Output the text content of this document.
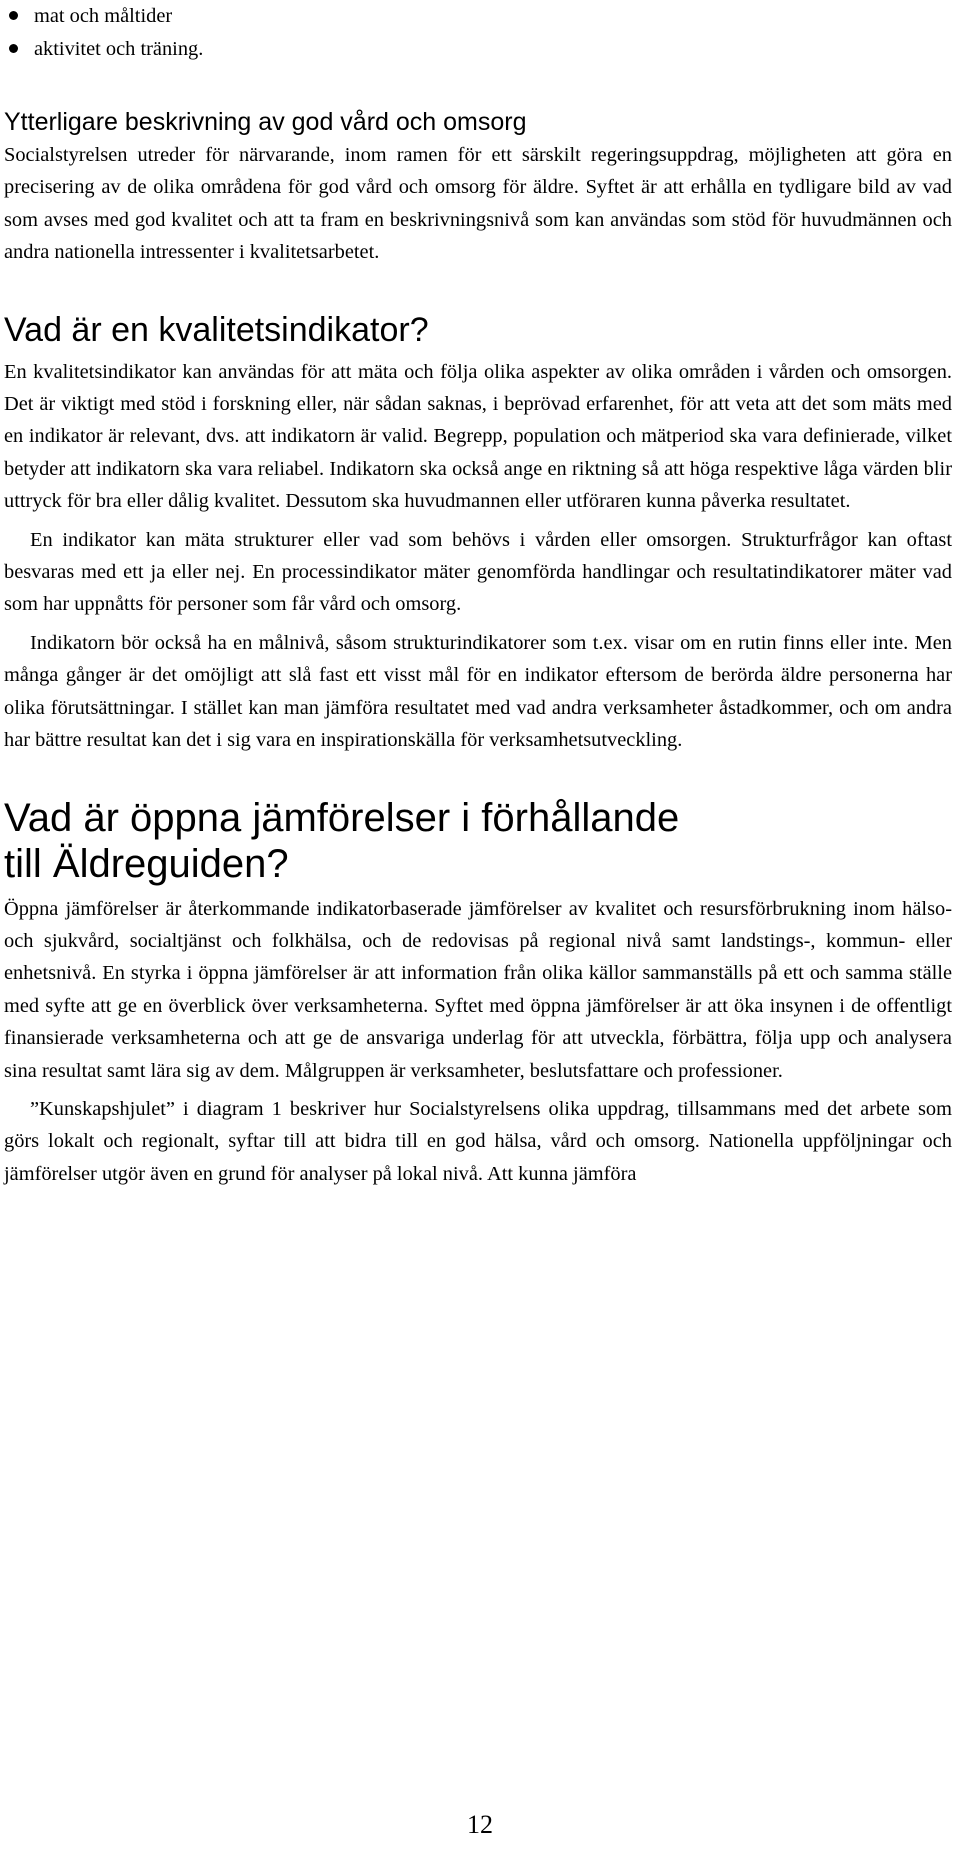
mat och måltider
aktivitet och träning.
Ytterligare beskrivning av god vård och omsorg

Socialstyrelsen utreder för närvarande, inom ramen för ett särskilt regeringsuppdrag, möjligheten att göra en precisering av de olika områdena för god vård och omsorg för äldre. Syftet är att erhålla en tydligare bild av vad som avses med god kvalitet och att ta fram en beskrivningsnivå som kan användas som stöd för huvudmännen och andra nationella intressenter i kvalitetsarbetet.

Vad är en kvalitetsindikator?

En kvalitetsindikator kan användas för att mäta och följa olika aspekter av olika områden i vården och omsorgen. Det är viktigt med stöd i forskning eller, när sådan saknas, i beprövad erfarenhet, för att veta att det som mäts med en indikator är relevant, dvs. att indikatorn är valid. Begrepp, population och mätperiod ska vara definierade, vilket betyder att indikatorn ska vara reliabel. Indikatorn ska också ange en riktning så att höga respektive låga värden blir uttryck för bra eller dålig kvalitet. Dessutom ska huvudmannen eller utföraren kunna påverka resultatet.

En indikator kan mäta strukturer eller vad som behövs i vården eller omsorgen. Strukturfrågor kan oftast besvaras med ett ja eller nej. En processindikator mäter genomförda handlingar och resultatindikatorer mäter vad som har uppnåtts för personer som får vård och omsorg.

Indikatorn bör också ha en målnivå, såsom strukturindikatorer som t.ex. visar om en rutin finns eller inte. Men många gånger är det omöjligt att slå fast ett visst mål för en indikator eftersom de berörda äldre personerna har olika förutsättningar. I stället kan man jämföra resultatet med vad andra verksamheter åstadkommer, och om andra har bättre resultat kan det i sig vara en inspirationskälla för verksamhetsutveckling.

Vad är öppna jämförelser i förhållande till Äldreguiden?

Öppna jämförelser är återkommande indikatorbaserade jämförelser av kvalitet och resursförbrukning inom hälso- och sjukvård, socialtjänst och folkhälsa, och de redovisas på regional nivå samt landstings-, kommun- eller enhetsnivå. En styrka i öppna jämförelser är att information från olika källor sammanställs på ett och samma ställe med syfte att ge en överblick över verksamheterna. Syftet med öppna jämförelser är att öka insynen i de offentligt finansierade verksamheterna och att ge de ansvariga underlag för att utveckla, förbättra, följa upp och analysera sina resultat samt lära sig av dem. Målgruppen är verksamheter, beslutsfattare och professioner.

”Kunskapshjulet” i diagram 1 beskriver hur Socialstyrelsens olika uppdrag, tillsammans med det arbete som görs lokalt och regionalt, syftar till att bidra till en god hälsa, vård och omsorg. Nationella uppföljningar och jämförelser utgör även en grund för analyser på lokal nivå. Att kunna jämföra

12
